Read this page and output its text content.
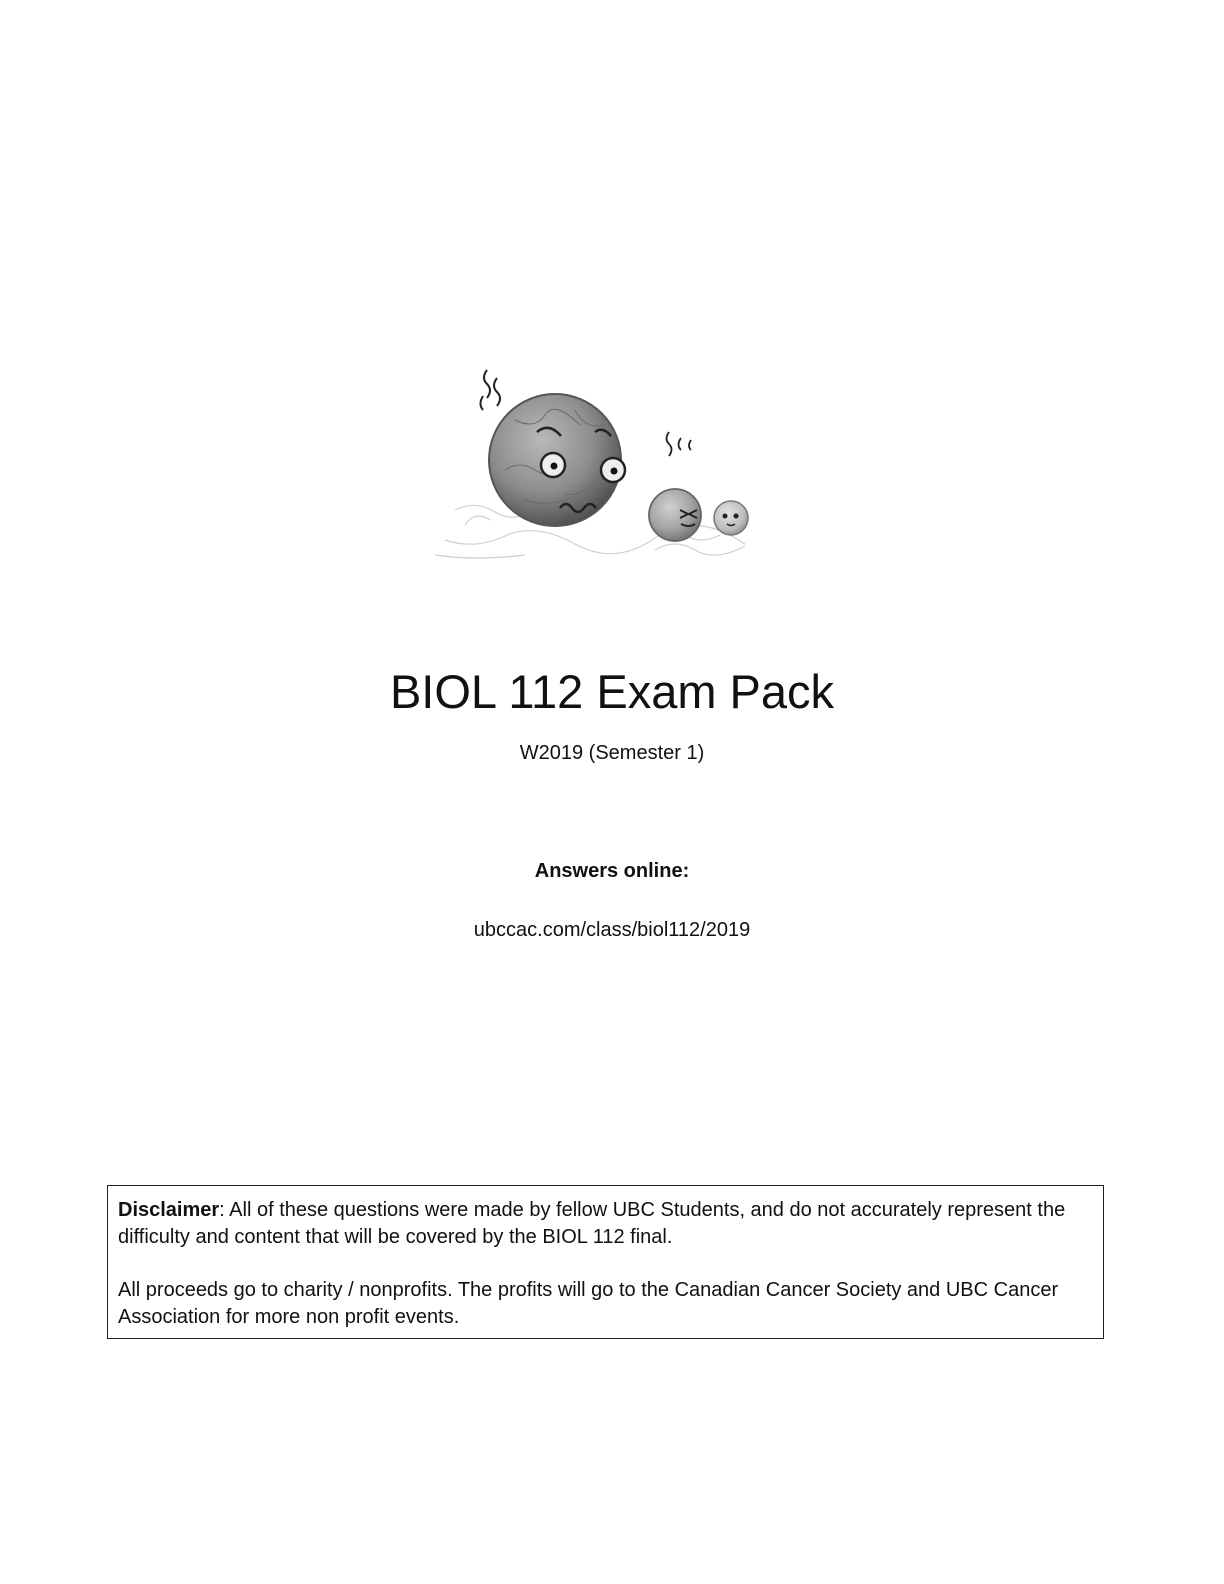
BIOL 112 Exam Pack
W2019 (Semester 1)
Answers online:
ubccac.com/class/biol112/2019

Disclaimer: All of these questions were made by fellow UBC Students, and do not accurately represent the difficulty and content that will be covered by the BIOL 112 final.

All proceeds go to charity / nonprofits. The profits will go to the Canadian Cancer Society and UBC Cancer Association for more non profit events.
